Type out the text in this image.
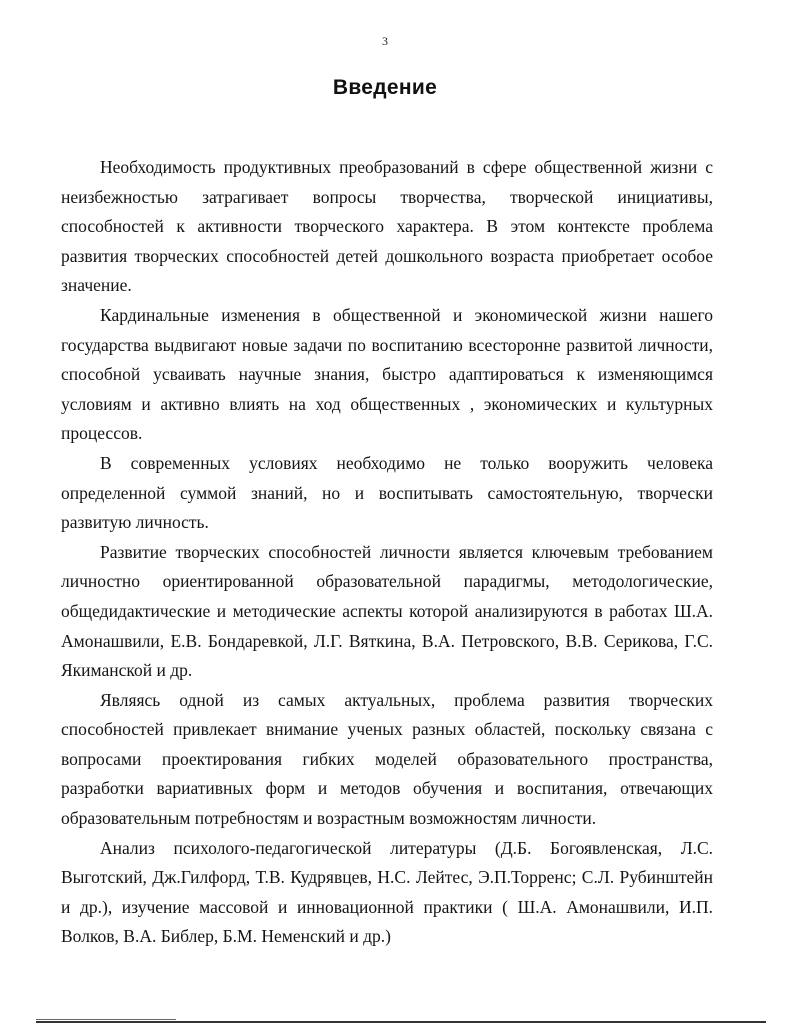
3
Введение

Необходимость продуктивных преобразований в сфере общественной жизни с неизбежностью затрагивает вопросы творчества, творческой инициативы, способностей к активности творческого характера. В этом контексте проблема развития творческих способностей детей дошкольного возраста приобретает особое значение.

Кардинальные изменения в общественной и экономической жизни нашего государства выдвигают новые задачи по воспитанию всесторонне развитой личности, способной усваивать научные знания, быстро адаптироваться к изменяющимся условиям и активно влиять на ход общественных , экономических и культурных процессов.

В современных условиях необходимо не только вооружить человека определенной суммой знаний, но и воспитывать самостоятельную, творчески развитую личность.

Развитие творческих способностей личности является ключевым требованием личностно ориентированной образовательной парадигмы, методологические, общедидактические и методические аспекты которой анализируются в работах Ш.А. Амонашвили, Е.В. Бондаревкой, Л.Г. Вяткина, В.А. Петровского, В.В. Серикова, Г.С. Якиманской и др.

Являясь одной из самых актуальных, проблема развития творческих способностей привлекает внимание ученых разных областей, поскольку связана с вопросами проектирования гибких моделей образовательного пространства, разработки вариативных форм и методов обучения и воспитания, отвечающих образовательным потребностям и возрастным возможностям личности.

Анализ психолого-педагогической литературы (Д.Б. Богоявленская, Л.С. Выготский, Дж.Гилфорд, Т.В. Кудрявцев, Н.С. Лейтес, Э.П.Торренс; С.Л. Рубинштейн и др.), изучение массовой и инновационной практики ( Ш.А. Амонашвили, И.П. Волков, В.А. Библер, Б.М. Неменский и др.)
